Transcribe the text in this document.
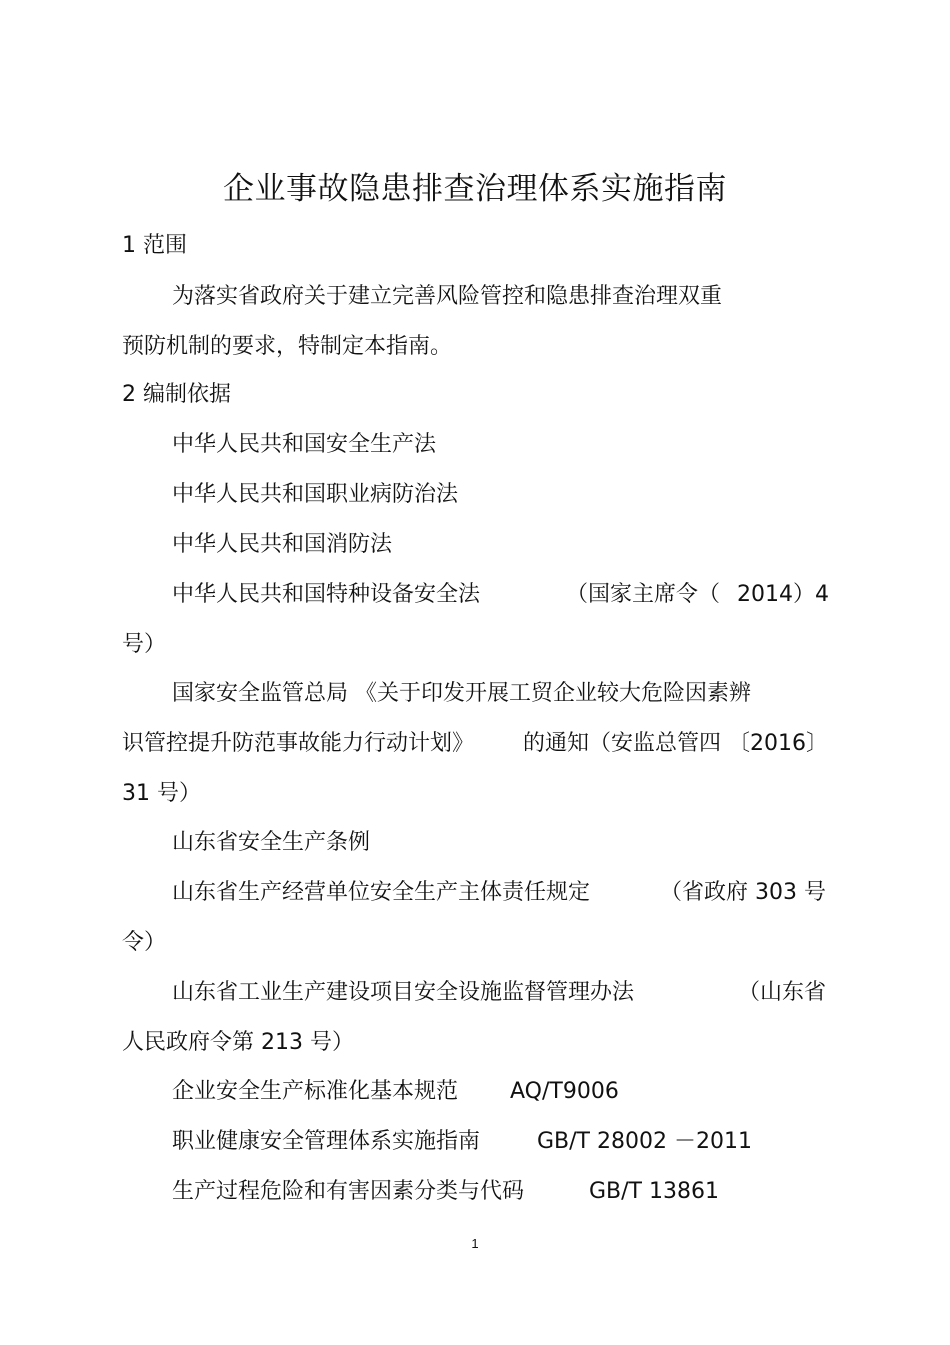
企业事故隐患排查治理体系实施指南
1 范围
为落实省政府关于建立完善风险管控和隐患排查治理双重
预防机制的要求，特制定本指南。
2 编制依据
中华人民共和国安全生产法
中华人民共和国职业病防治法
中华人民共和国消防法
中华人民共和国特种设备安全法	（国家主席令（ 2014）4
号）
国家安全监管总局 《关于印发开展工贸企业较大危险因素辨
识管控提升防范事故能力行动计划》 的通知（安监总管四 〔2016〕
31 号）
山东省安全生产条例
山东省生产经营单位安全生产主体责任规定	（省政府 303 号
令）
山东省工业生产建设项目安全设施监督管理办法	（山东省
人民政府令第 213 号）
企业安全生产标准化基本规范 AQ/T9006
职业健康安全管理体系实施指南	GB/T 28002 －2011
生产过程危险和有害因素分类与代码	GB/T 13861
1
